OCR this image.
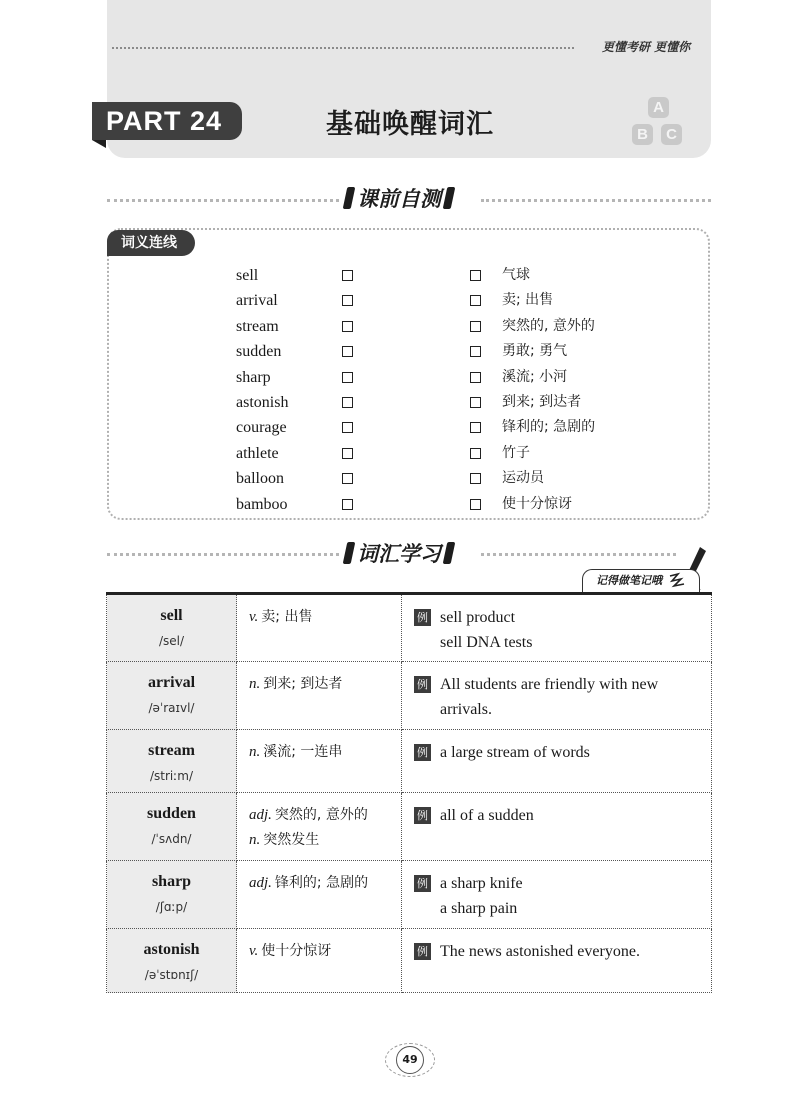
更懂考研 更懂你
PART 24	基础唤醒词汇
A
B	C
课前自测
词义连线
sell	气球
arrival	卖; 出售
stream	突然的, 意外的
sudden	勇敢; 勇气
sharp	溪流; 小河
astonish	到来; 到达者
courage	锋利的; 急剧的
athlete	竹子
balloon	运动员
bamboo	使十分惊讶
词汇学习
记得做笔记哦
sell
/sel/	v. 卖; 出售	例 sell product
sell DNA tests

arrival
/əˈraɪvl/	n. 到来; 到达者	例 All students are friendly with new
arrivals.

stream
/striːm/	n. 溪流; 一连串	例 a large stream of words

sudden
/ˈsʌdn/	adj. 突然的, 意外的
n. 突然发生	例 all of a sudden

sharp
/ʃɑːp/	adj. 锋利的; 急剧的	例 a sharp knife
a sharp pain

astonish
/əˈstɒnɪʃ/	v. 使十分惊讶	例 The news astonished everyone.
49
